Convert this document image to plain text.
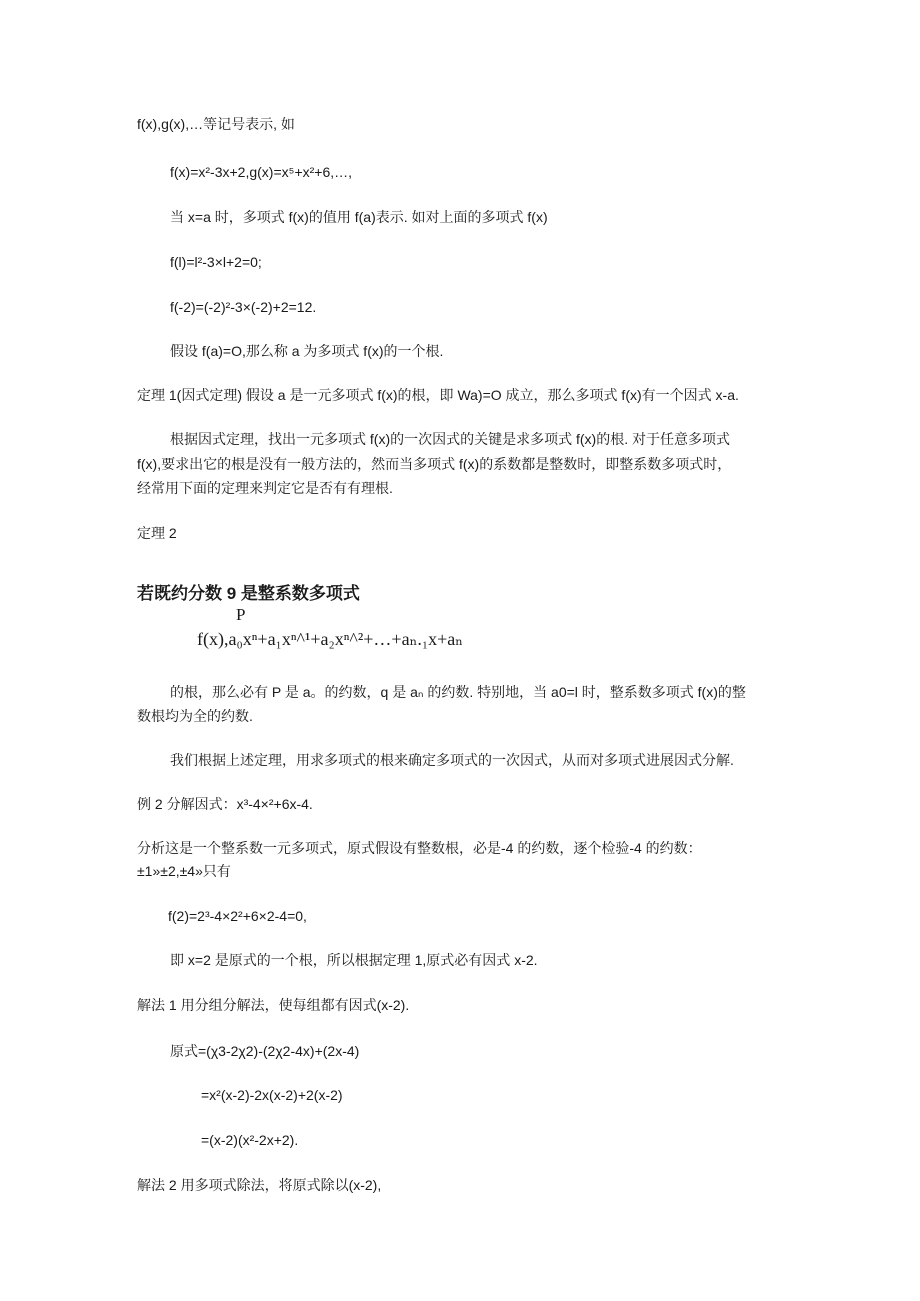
f(x),g(x),…等记号表示, 如
f(x)=x²-3x+2,g(x)=x⁵+x²+6,…,
当 x=a 时，多项式 f(x)的值用 f(a)表示. 如对上面的多项式 f(x)
f(l)=l²-3×l+2=0;
f(-2)=(-2)²-3×(-2)+2=12.
假设 f(a)=O,那么称 a 为多项式 f(x)的一个根.
定理 1(因式定理) 假设 a 是一元多项式 f(x)的根，即 Wa)=O 成立，那么多项式 f(x)有一个因式 x-a.
根据因式定理，找出一元多项式 f(x)的一次因式的关键是求多项式 f(x)的根. 对于任意多项式
f(x),要求出它的根是没有一般方法的，然而当多项式 f(x)的系数都是整数时，即整系数多项式时，
经常用下面的定理来判定它是否有有理根.
定理 2
若既约分数 9 是整系数多项式
P
f(x),a₀xⁿ+a₁xⁿ^¹+a₂xⁿ^²+…+aₙ.₁x+aₙ
的根，那么必有 P 是 a。的约数，q 是 aₙ 的约数. 特别地，当 a0=l 时，整系数多项式 f(x)的整
数根均为全的约数.
我们根据上述定理，用求多项式的根来确定多项式的一次因式，从而对多项式进展因式分解.
例 2 分解因式：x³-4×²+6x-4.
分析这是一个整系数一元多项式，原式假设有整数根，必是-4 的约数，逐个检验-4 的约数：
±1»±2,±4»只有
f(2)=2³-4×2²+6×2-4=0,
即 x=2 是原式的一个根，所以根据定理 1,原式必有因式 x-2.
解法 1 用分组分解法，使每组都有因式(x-2).
原式=(χ3-2χ2)-(2χ2-4x)+(2x-4)
=x²(x-2)-2x(x-2)+2(x-2)
=(x-2)(x²-2x+2).
解法 2 用多项式除法，将原式除以(x-2),
